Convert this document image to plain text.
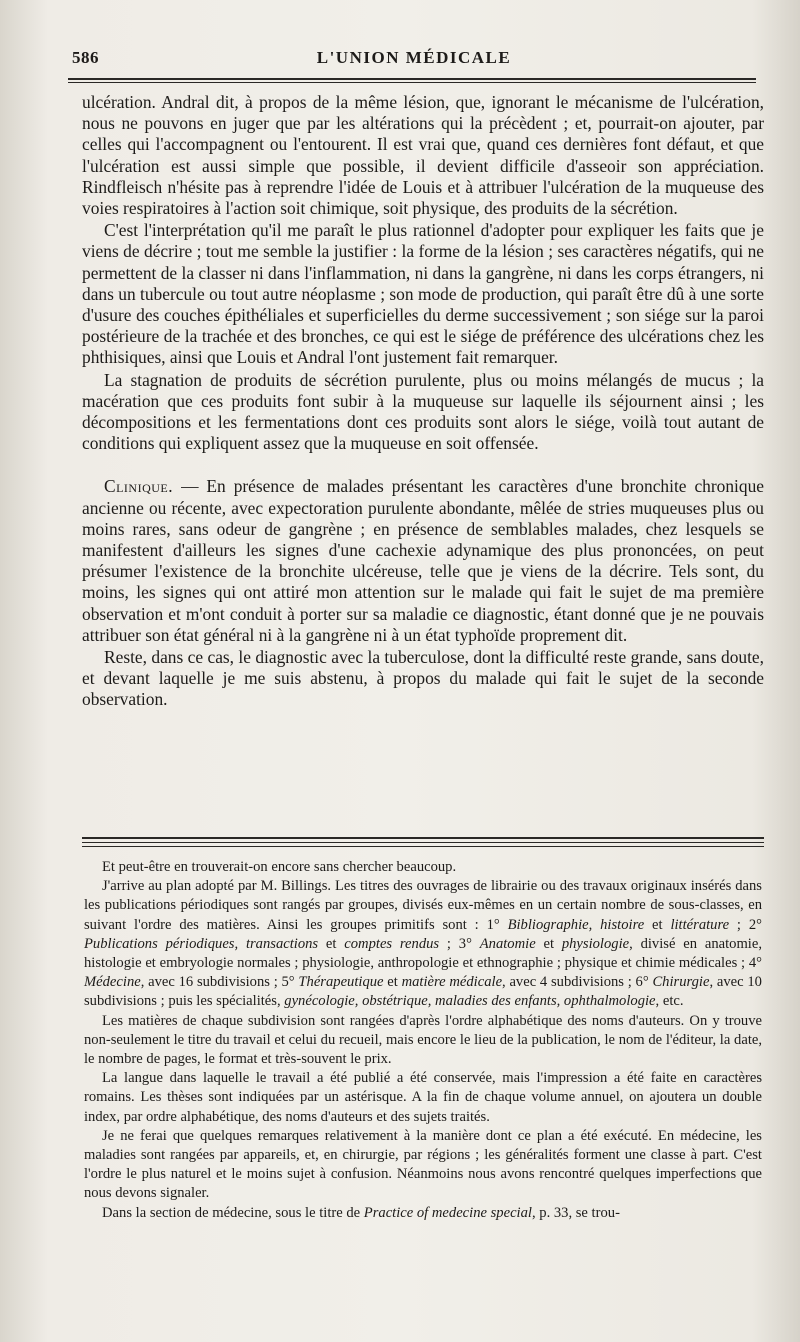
586	L'UNION MÉDICALE

ulcération. Andral dit, à propos de la même lésion, que, ignorant le mécanisme de l'ulcération, nous ne pouvons en juger que par les altérations qui la précèdent ; et, pourrait-on ajouter, par celles qui l'accompagnent ou l'entourent. Il est vrai que, quand ces dernières font défaut, et que l'ulcération est aussi simple que possible, il devient difficile d'asseoir son appréciation. Rindfleisch n'hésite pas à reprendre l'idée de Louis et à attribuer l'ulcération de la muqueuse des voies respiratoires à l'action soit chimique, soit physique, des produits de la sécrétion.

C'est l'interprétation qu'il me paraît le plus rationnel d'adopter pour expliquer les faits que je viens de décrire ; tout me semble la justifier : la forme de la lésion ; ses caractères négatifs, qui ne permettent de la classer ni dans l'inflammation, ni dans la gangrène, ni dans les corps étrangers, ni dans un tubercule ou tout autre néoplasme ; son mode de production, qui paraît être dû à une sorte d'usure des couches épithéliales et superficielles du derme successivement ; son siége sur la paroi postérieure de la trachée et des bronches, ce qui est le siége de préférence des ulcérations chez les phthisiques, ainsi que Louis et Andral l'ont justement fait remarquer.

La stagnation de produits de sécrétion purulente, plus ou moins mélangés de mucus ; la macération que ces produits font subir à la muqueuse sur laquelle ils séjournent ainsi ; les décompositions et les fermentations dont ces produits sont alors le siége, voilà tout autant de conditions qui expliquent assez que la muqueuse en soit offensée.

Clinique. — En présence de malades présentant les caractères d'une bronchite chronique ancienne ou récente, avec expectoration purulente abondante, mêlée de stries muqueuses plus ou moins rares, sans odeur de gangrène ; en présence de semblables malades, chez lesquels se manifestent d'ailleurs les signes d'une cachexie adynamique des plus prononcées, on peut présumer l'existence de la bronchite ulcéreuse, telle que je viens de la décrire. Tels sont, du moins, les signes qui ont attiré mon attention sur le malade qui fait le sujet de ma première observation et m'ont conduit à porter sur sa maladie ce diagnostic, étant donné que je ne pouvais attribuer son état général ni à la gangrène ni à un état typhoïde proprement dit.

Reste, dans ce cas, le diagnostic avec la tuberculose, dont la difficulté reste grande, sans doute, et devant laquelle je me suis abstenu, à propos du malade qui fait le sujet de la seconde observation.

Et peut-être en trouverait-on encore sans chercher beaucoup.

J'arrive au plan adopté par M. Billings. Les titres des ouvrages de librairie ou des travaux originaux insérés dans les publications périodiques sont rangés par groupes, divisés eux-mêmes en un certain nombre de sous-classes, en suivant l'ordre des matières. Ainsi les groupes primitifs sont : 1° Bibliographie, histoire et littérature ; 2° Publications périodiques, transactions et comptes rendus ; 3° Anatomie et physiologie, divisé en anatomie, histologie et embryologie normales ; physiologie, anthropologie et ethnographie ; physique et chimie médicales ; 4° Médecine, avec 16 subdivisions ; 5° Thérapeutique et matière médicale, avec 4 subdivisions ; 6° Chirurgie, avec 10 subdivisions ; puis les spécialités, gynécologie, obstétrique, maladies des enfants, ophthalmologie, etc.

Les matières de chaque subdivision sont rangées d'après l'ordre alphabétique des noms d'auteurs. On y trouve non-seulement le titre du travail et celui du recueil, mais encore le lieu de la publication, le nom de l'éditeur, la date, le nombre de pages, le format et très-souvent le prix.

La langue dans laquelle le travail a été publié a été conservée, mais l'impression a été faite en caractères romains. Les thèses sont indiquées par un astérisque. A la fin de chaque volume annuel, on ajoutera un double index, par ordre alphabétique, des noms d'auteurs et des sujets traités.

Je ne ferai que quelques remarques relativement à la manière dont ce plan a été exécuté. En médecine, les maladies sont rangées par appareils, et, en chirurgie, par régions ; les généralités forment une classe à part. C'est l'ordre le plus naturel et le moins sujet à confusion. Néanmoins nous avons rencontré quelques imperfections que nous devons signaler.

Dans la section de médecine, sous le titre de Practice of medecine special, p. 33, se trou-
